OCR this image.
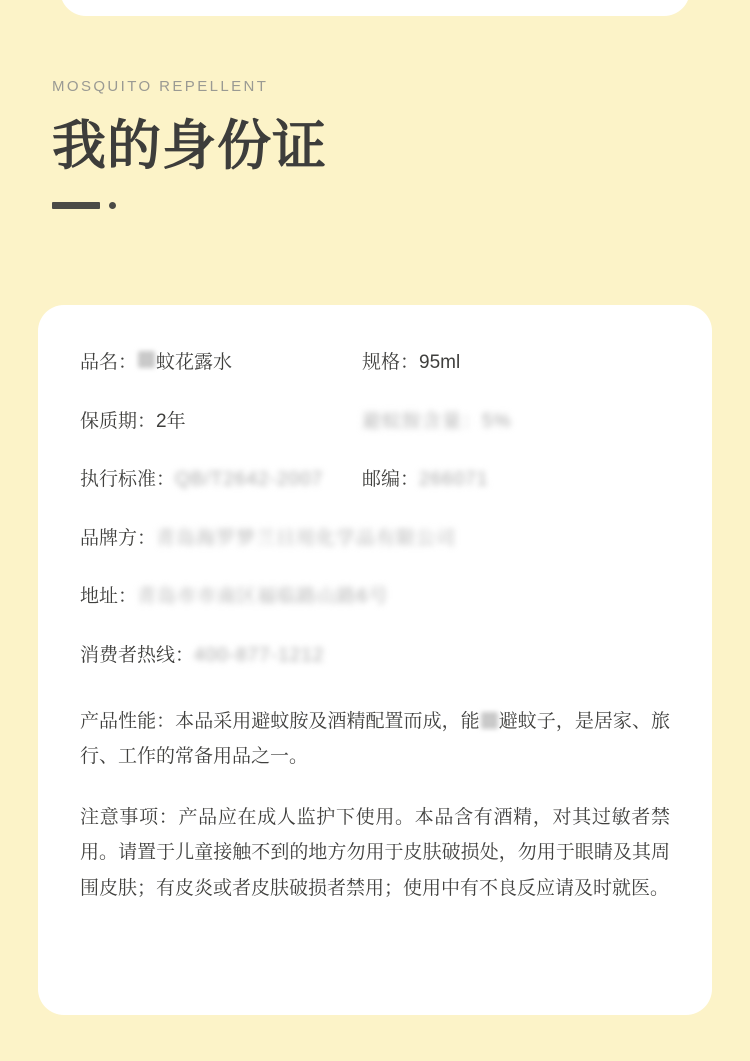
MOSQUITO REPELLENT
我的身份证
品名： 蚊花露水	规格： 95ml
保质期： 2年	避蚊胺含量：5%
执行标准： QB/T2642-2007 邮编： 266071
品牌方： 青岛海罗梦兰日用化学品有限公司
地址： 青岛市市南区福临路山路6号
消费者热线： 400-877-1212

产品性能：本品采用避蚊胺及酒精配置而成，能 避蚊子，是居家、旅行、工作的常备用品之一。

注意事项：产品应在成人监护下使用。本品含有酒精，对其过敏者禁用。请置于儿童接触不到的地方勿用于皮肤破损处，勿用于眼睛及其周围皮肤；有皮炎或者皮肤破损者禁用；使用中有不良反应请及时就医。
